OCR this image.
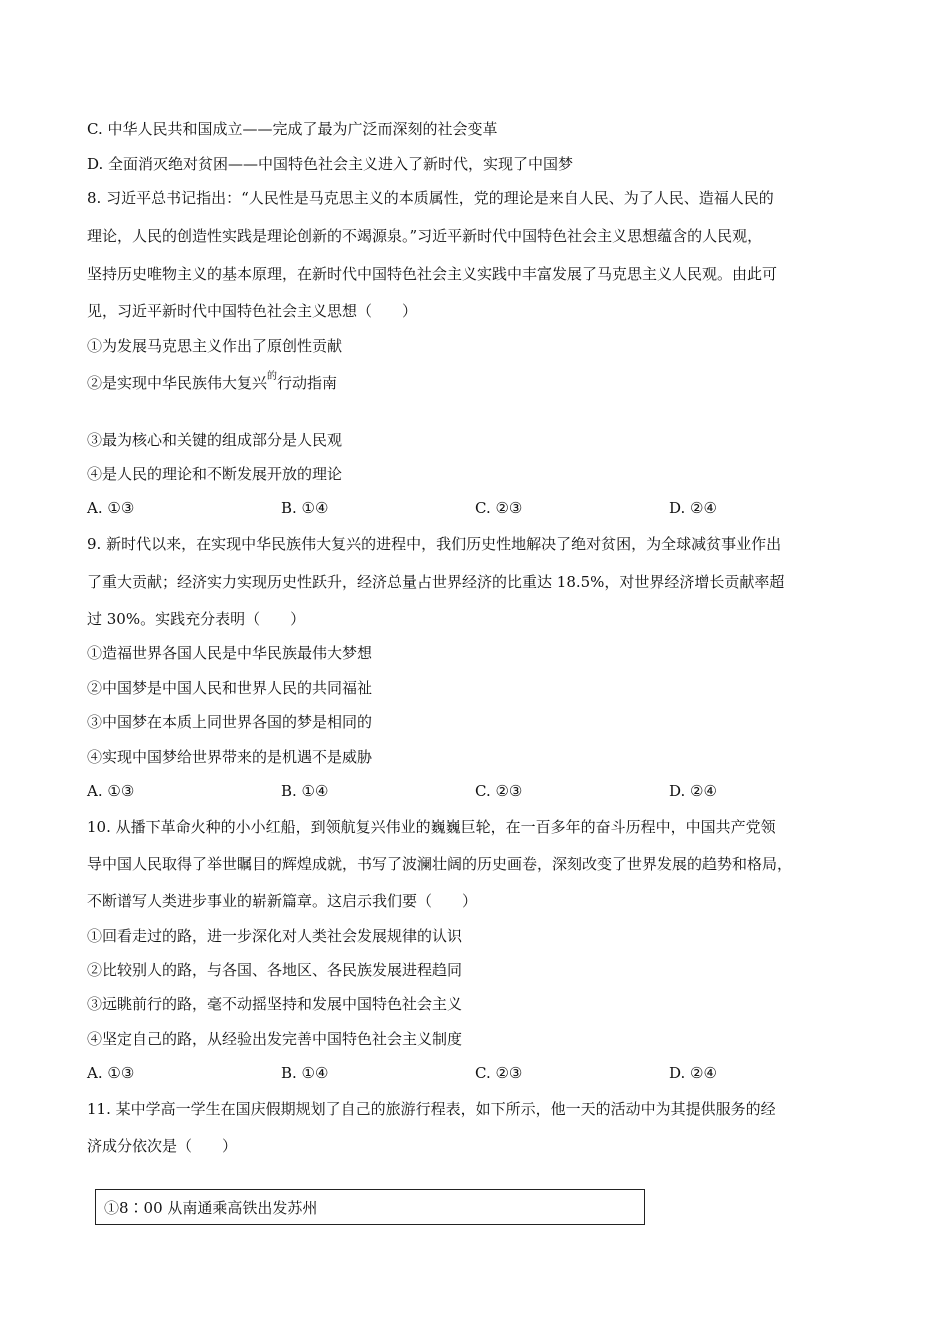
C. 中华人民共和国成立——完成了最为广泛而深刻的社会变革
D. 全面消灭绝对贫困——中国特色社会主义进入了新时代，实现了中国梦
8. 习近平总书记指出：“人民性是马克思主义的本质属性，党的理论是来自人民、为了人民、造福人民的
理论，人民的创造性实践是理论创新的不竭源泉。”习近平新时代中国特色社会主义思想蕴含的人民观，
坚持历史唯物主义的基本原理，在新时代中国特色社会主义实践中丰富发展了马克思主义人民观。由此可
见，习近平新时代中国特色社会主义思想（　　）
①为发展马克思主义作出了原创性贡献
②是实现中华民族伟大复兴$^的$行动指南
③最为核心和关键的组成部分是人民观
④是人民的理论和不断发展开放的理论
A. ①③	B. ①④	C. ②③	D. ②④
9. 新时代以来，在实现中华民族伟大复兴的进程中，我们历史性地解决了绝对贫困，为全球减贫事业作出
了重大贡献；经济实力实现历史性跃升，经济总量占世界经济的比重达 18.5%，对世界经济增长贡献率超
过 30%。实践充分表明（　　）
①造福世界各国人民是中华民族最伟大梦想
②中国梦是中国人民和世界人民的共同福祉
③中国梦在本质上同世界各国的梦是相同的
④实现中国梦给世界带来的是机遇不是威胁
A. ①③	B. ①④	C. ②③	D. ②④
10. 从播下革命火种的小小红船，到领航复兴伟业的巍巍巨轮，在一百多年的奋斗历程中，中国共产党领
导中国人民取得了举世瞩目的辉煌成就，书写了波澜壮阔的历史画卷，深刻改变了世界发展的趋势和格局，
不断谱写人类进步事业的崭新篇章。这启示我们要（　　）
①回看走过的路，进一步深化对人类社会发展规律的认识
②比较别人的路，与各国、各地区、各民族发展进程趋同
③远眺前行的路，毫不动摇坚持和发展中国特色社会主义
④坚定自己的路，从经验出发完善中国特色社会主义制度
A. ①③	B. ①④	C. ②③	D. ②④
11. 某中学高一学生在国庆假期规划了自己的旅游行程表，如下所示，他一天的活动中为其提供服务的经
济成分依次是（　　）
①8∶00 从南通乘高铁出发苏州
